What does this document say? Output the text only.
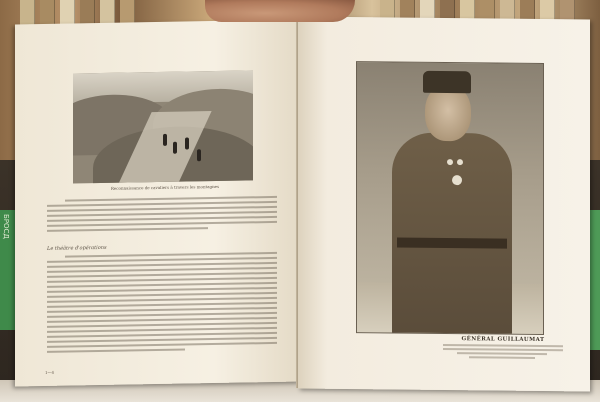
БРОСД
Reconnaissance de cavaliers à travers les montagnes
Le théâtre d'opérations
1—4
GÉNÉRAL GUILLAUMAT
